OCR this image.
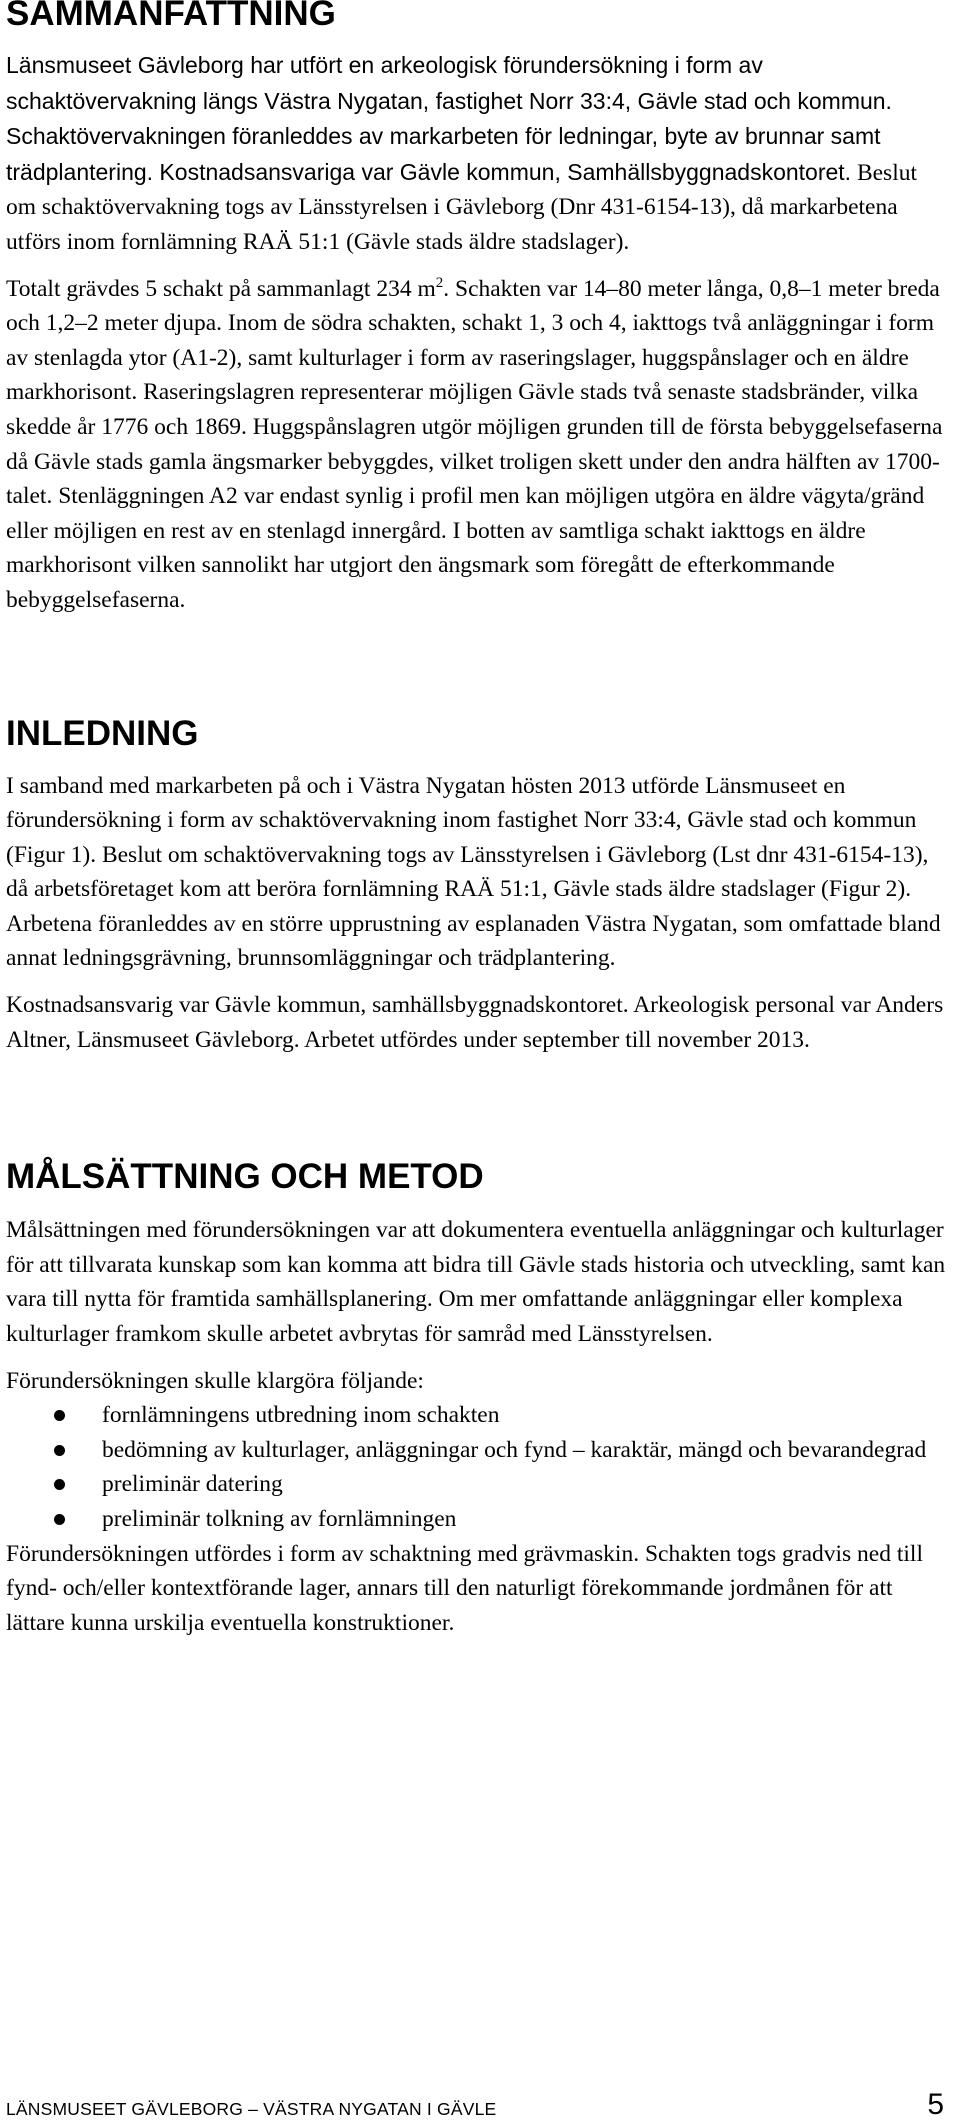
SAMMANFATTNING

Länsmuseet Gävleborg har utfört en arkeologisk förundersökning i form av schaktövervakning längs Västra Nygatan, fastighet Norr 33:4, Gävle stad och kommun. Schaktövervakningen föranleddes av markarbeten för ledningar, byte av brunnar samt trädplantering. Kostnadsansvariga var Gävle kommun, Samhällsbyggnadskontoret. Beslut om schaktövervakning togs av Länsstyrelsen i Gävleborg (Dnr 431-6154-13), då markarbetena utförs inom fornlämning RAÄ 51:1 (Gävle stads äldre stadslager).

Totalt grävdes 5 schakt på sammanlagt 234 $m^2$. Schakten var 14–80 meter långa, 0,8–1 meter breda och 1,2–2 meter djupa. Inom de södra schakten, schakt 1, 3 och 4, iakttogs två anläggningar i form av stenlagda ytor (A1-2), samt kulturlager i form av raseringslager, huggspånslager och en äldre markhorisont. Raseringslagren representerar möjligen Gävle stads två senaste stadsbränder, vilka skedde år 1776 och 1869. Huggspånslagren utgör möjligen grunden till de första bebyggelsefaserna då Gävle stads gamla ängsmarker bebyggdes, vilket troligen skett under den andra hälften av 1700-talet. Stenläggningen A2 var endast synlig i profil men kan möjligen utgöra en äldre vägyta/gränd eller möjligen en rest av en stenlagd innergård. I botten av samtliga schakt iakttogs en äldre markhorisont vilken sannolikt har utgjort den ängsmark som föregått de efterkommande bebyggelsefaserna.

INLEDNING

I samband med markarbeten på och i Västra Nygatan hösten 2013 utförde Länsmuseet en förundersökning i form av schaktövervakning inom fastighet Norr 33:4, Gävle stad och kommun (Figur 1). Beslut om schaktövervakning togs av Länsstyrelsen i Gävleborg (Lst dnr 431-6154-13), då arbetsföretaget kom att beröra fornlämning RAÄ 51:1, Gävle stads äldre stadslager (Figur 2). Arbetena föranleddes av en större upprustning av esplanaden Västra Nygatan, som omfattade bland annat ledningsgrävning, brunnsomläggningar och trädplantering.

Kostnadsansvarig var Gävle kommun, samhällsbyggnadskontoret. Arkeologisk personal var Anders Altner, Länsmuseet Gävleborg. Arbetet utfördes under september till november 2013.

MÅLSÄTTNING OCH METOD

Målsättningen med förundersökningen var att dokumentera eventuella anläggningar och kulturlager för att tillvarata kunskap som kan komma att bidra till Gävle stads historia och utveckling, samt kan vara till nytta för framtida samhällsplanering. Om mer omfattande anläggningar eller komplexa kulturlager framkom skulle arbetet avbrytas för samråd med Länsstyrelsen.

Förundersökningen skulle klargöra följande:

fornlämningens utbredning inom schakten
bedömning av kulturlager, anläggningar och fynd – karaktär, mängd och bevarandegrad
preliminär datering
preliminär tolkning av fornlämningen

Förundersökningen utfördes i form av schaktning med grävmaskin. Schakten togs gradvis ned till fynd- och/eller kontextförande lager, annars till den naturligt förekommande jordmånen för att lättare kunna urskilja eventuella konstruktioner.

LÄNSMUSEET GÄVLEBORG – VÄSTRA NYGATAN I GÄVLE	5
